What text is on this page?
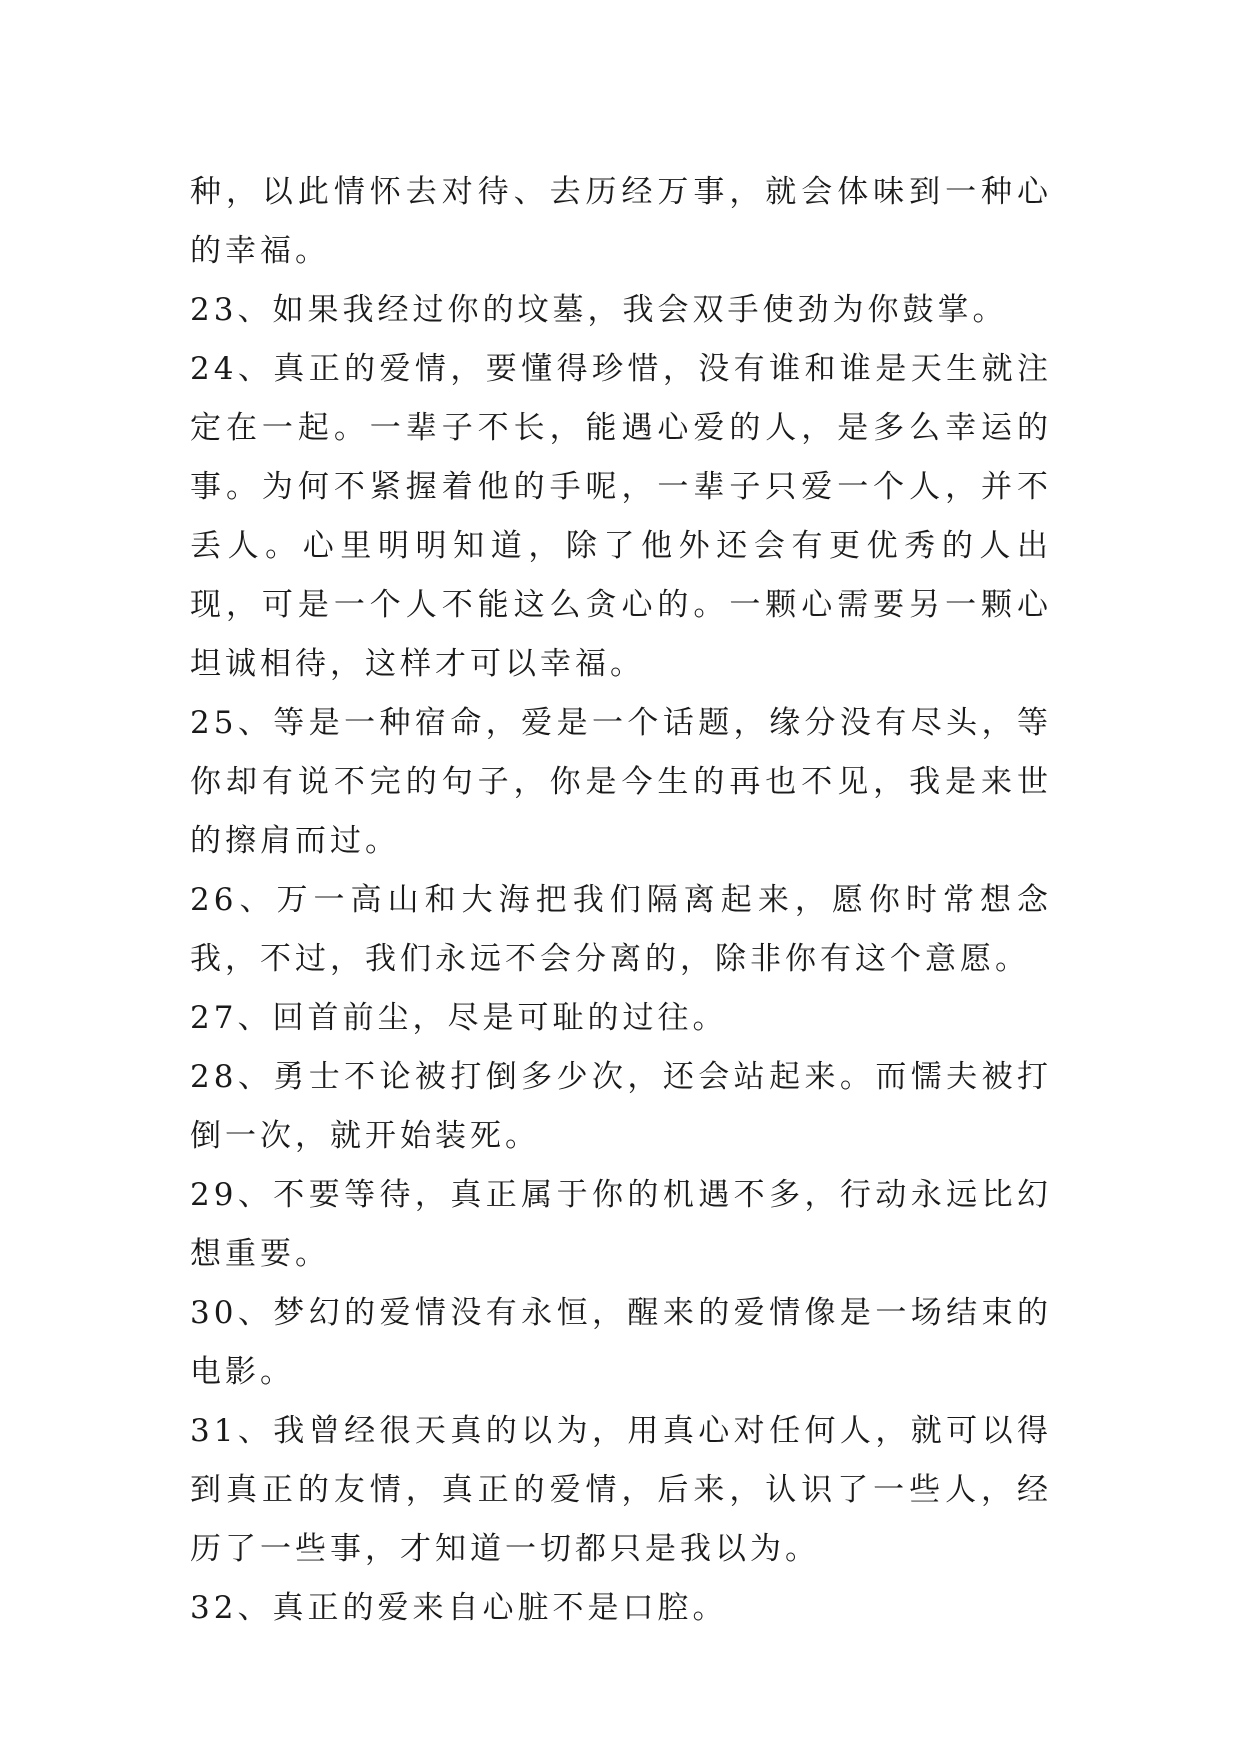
种，以此情怀去对待、去历经万事，就会体味到一种心的幸福。

23、如果我经过你的坟墓，我会双手使劲为你鼓掌。

24、真正的爱情，要懂得珍惜，没有谁和谁是天生就注定在一起。一辈子不长，能遇心爱的人，是多么幸运的事。为何不紧握着他的手呢，一辈子只爱一个人，并不丢人。心里明明知道，除了他外还会有更优秀的人出现，可是一个人不能这么贪心的。一颗心需要另一颗心坦诚相待，这样才可以幸福。

25、等是一种宿命，爱是一个话题，缘分没有尽头，等你却有说不完的句子，你是今生的再也不见，我是来世的擦肩而过。

26、万一高山和大海把我们隔离起来，愿你时常想念我，不过，我们永远不会分离的，除非你有这个意愿。

27、回首前尘，尽是可耻的过往。

28、勇士不论被打倒多少次，还会站起来。而懦夫被打倒一次，就开始装死。

29、不要等待，真正属于你的机遇不多，行动永远比幻想重要。

30、梦幻的爱情没有永恒，醒来的爱情像是一场结束的电影。

31、我曾经很天真的以为，用真心对任何人，就可以得到真正的友情，真正的爱情，后来，认识了一些人，经历了一些事，才知道一切都只是我以为。

32、真正的爱来自心脏不是口腔。
